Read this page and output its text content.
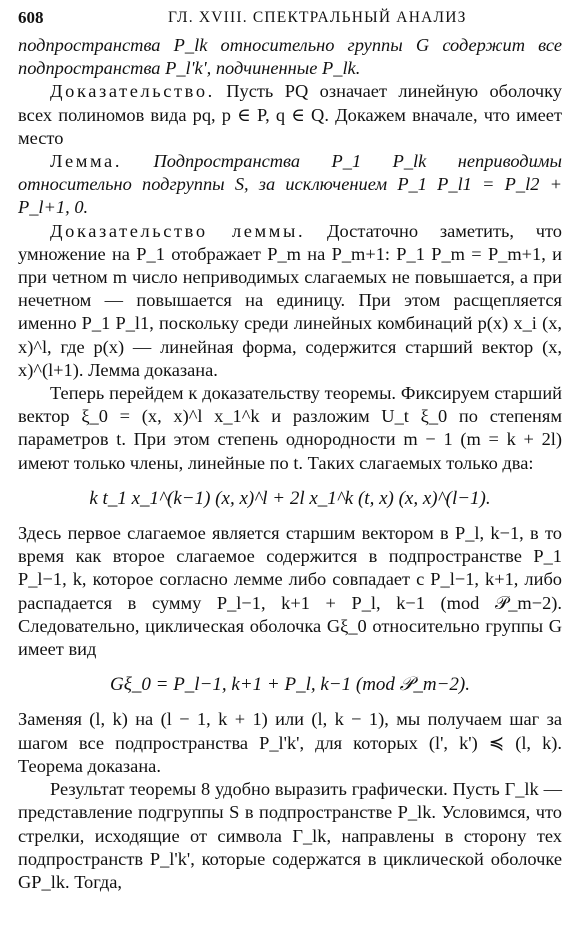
608	ГЛ. XVIII. СПЕКТРАЛЬНЫЙ АНАЛИЗ

подпространства P_lk относительно группы G содержит все подпространства P_l'k', подчиненные P_lk.

Доказательство. Пусть PQ означает линейную оболочку всех полиномов вида pq, p ∈ P, q ∈ Q. Докажем вначале, что имеет место

Лемма. Подпространства P_1 P_lk неприводимы относительно подгруппы S, за исключением P_1 P_l1 = P_l2 + P_l+1, 0.

Доказательство леммы. Достаточно заметить, что умножение на P_1 отображает P_m на P_m+1: P_1 P_m = P_m+1, и при четном m число неприводимых слагаемых не повышается, а при нечетном — повышается на единицу. При этом расщепляется именно P_1 P_l1, поскольку среди линейных комбинаций p(x) x_i (x, x)^l, где p(x) — линейная форма, содержится старший вектор (x, x)^(l+1). Лемма доказана.

Теперь перейдем к доказательству теоремы. Фиксируем старший вектор ξ_0 = (x, x)^l x_1^k и разложим U_t ξ_0 по степеням параметров t. При этом степень однородности m − 1 (m = k + 2l) имеют только члены, линейные по t. Таких слагаемых только два:

k t_1 x_1^(k−1) (x, x)^l + 2l x_1^k (t, x) (x, x)^(l−1).

Здесь первое слагаемое является старшим вектором в P_l, k−1, в то время как второе слагаемое содержится в подпространстве P_1 P_l−1, k, которое согласно лемме либо совпадает с P_l−1, k+1, либо распадается в сумму P_l−1, k+1 + P_l, k−1 (mod 𝒫_m−2). Следовательно, циклическая оболочка Gξ_0 относительно группы G имеет вид

Gξ_0 = P_l−1, k+1 + P_l, k−1 (mod 𝒫_m−2).

Заменяя (l, k) на (l − 1, k + 1) или (l, k − 1), мы получаем шаг за шагом все подпространства P_l'k', для которых (l', k') ≼ (l, k). Теорема доказана.

Результат теоремы 8 удобно выразить графически. Пусть Γ_lk — представление подгруппы S в подпространстве P_lk. Условимся, что стрелки, исходящие от символа Γ_lk, направлены в сторону тех подпространств P_l'k', которые содержатся в циклической оболочке GP_lk. Тогда,
